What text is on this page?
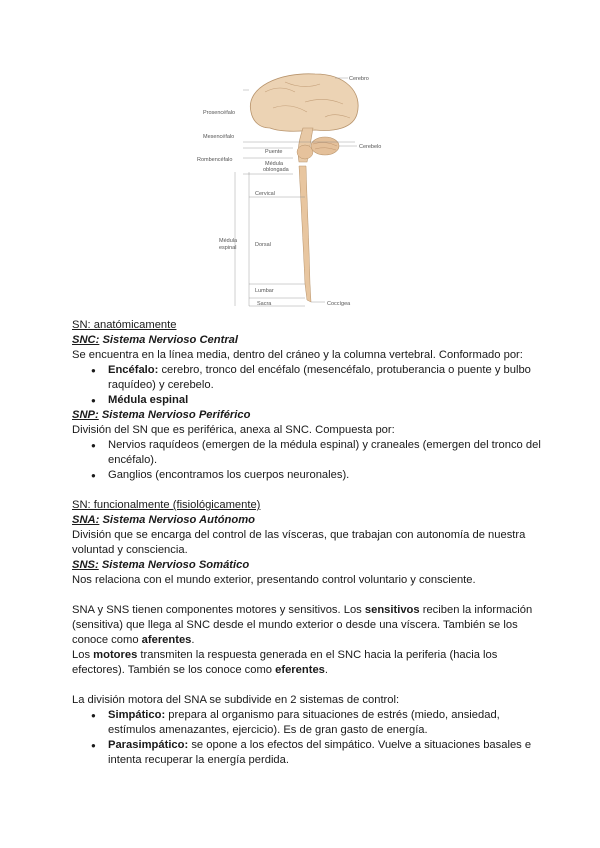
Cerebro
Prosencéfalo
Mesencéfalo
Puente
Rombencéfalo
Médula
oblongada
Cerebelo
Cervical
Médula
espinal	Dorsal
Lumbar
Sacra	Coccígea

SN: anatómicamente

SNC: Sistema Nervioso Central

Se encuentra en la línea media, dentro del cráneo y la columna vertebral. Conformado por:

● Encéfalo: cerebro, tronco del encéfalo (mesencéfalo, protuberancia o puente y bulbo raquídeo) y cerebelo.
● Médula espinal

SNP: Sistema Nervioso Periférico

División del SN que es periférica, anexa al SNC. Compuesta por:

● Nervios raquídeos (emergen de la médula espinal) y craneales (emergen del tronco del encéfalo).
● Ganglios (encontramos los cuerpos neuronales).

SN: funcionalmente (fisiológicamente)

SNA: Sistema Nervioso Autónomo

División que se encarga del control de las vísceras, que trabajan con autonomía de nuestra voluntad y consciencia.

SNS: Sistema Nervioso Somático

Nos relaciona con el mundo exterior, presentando control voluntario y consciente.

SNA y SNS tienen componentes motores y sensitivos. Los sensitivos reciben la información (sensitiva) que llega al SNC desde el mundo exterior o desde una víscera. También se los conoce como aferentes.

Los motores transmiten la respuesta generada en el SNC hacia la periferia (hacia los efectores). También se los conoce como eferentes.

La división motora del SNA se subdivide en 2 sistemas de control:

● Simpático: prepara al organismo para situaciones de estrés (miedo, ansiedad, estímulos amenazantes, ejercicio). Es de gran gasto de energía.
● Parasimpático: se opone a los efectos del simpático. Vuelve a situaciones basales e intenta recuperar la energía perdida.
